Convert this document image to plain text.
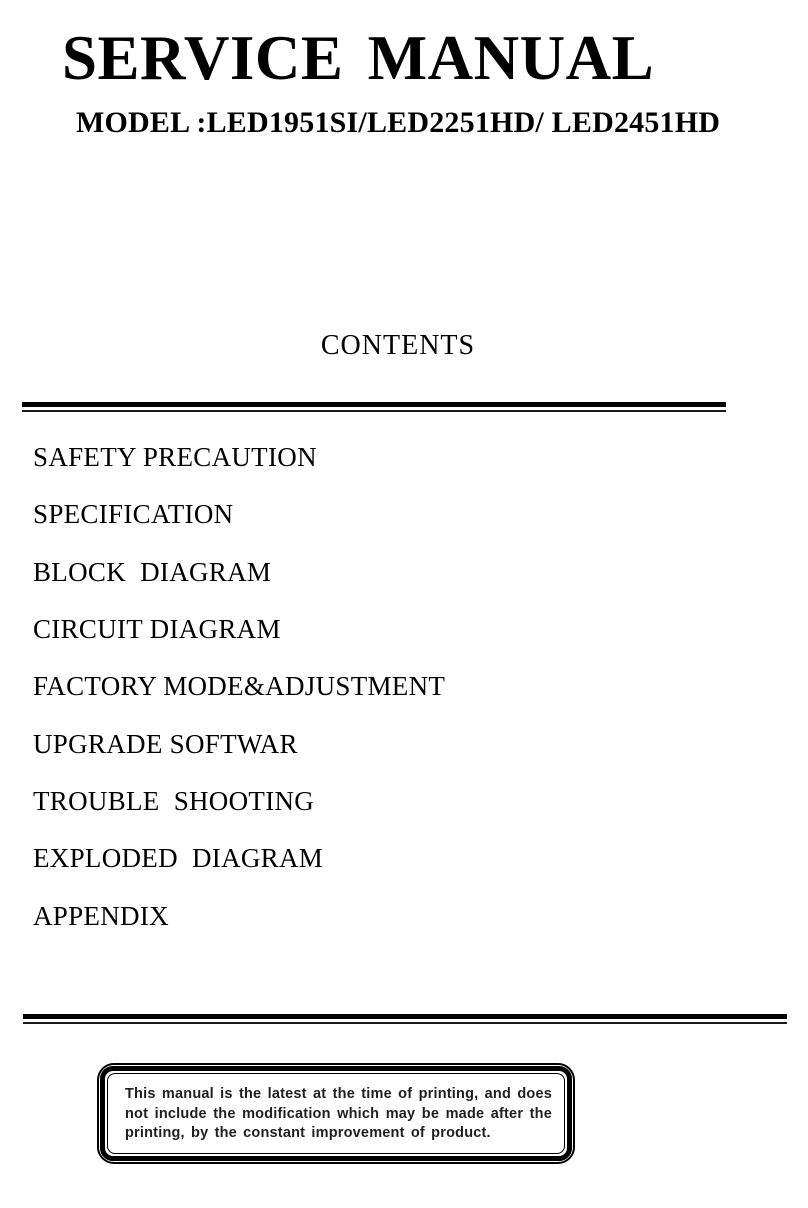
SERVICE MANUAL
MODEL :LED1951SI/LED2251HD/ LED2451HD
CONTENTS
SAFETY PRECAUTION
SPECIFICATION
BLOCK  DIAGRAM
CIRCUIT DIAGRAM
FACTORY MODE&ADJUSTMENT
UPGRADE SOFTWAR
TROUBLE  SHOOTING
EXPLODED  DIAGRAM
APPENDIX
This manual is the latest at the time of printing, and does not include the modification which may be made after the printing, by the constant improvement of product.
